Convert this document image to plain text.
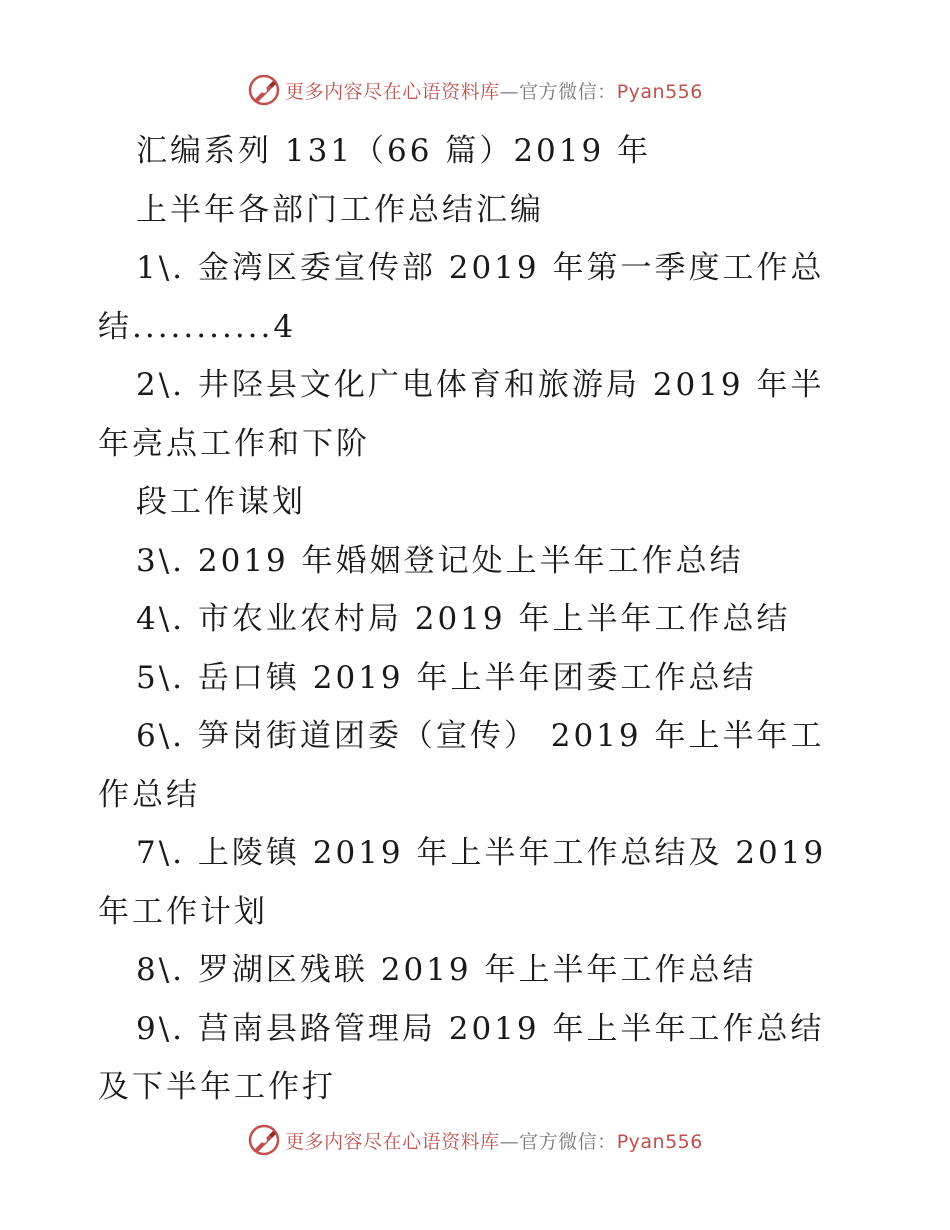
更多内容尽在心语资料库—官方微信：Pyan556
汇编系列 131（66 篇）2019 年
上半年各部门工作总结汇编
1\. 金湾区委宣传部 2019 年第一季度工作总
结...........4
2\. 井陉县文化广电体育和旅游局 2019 年半
年亮点工作和下阶
段工作谋划
3\. 2019 年婚姻登记处上半年工作总结
4\. 市农业农村局 2019 年上半年工作总结
5\. 岳口镇 2019 年上半年团委工作总结
6\. 笋岗街道团委（宣传） 2019 年上半年工
作总结
7\. 上陵镇 2019 年上半年工作总结及 2019
年工作计划
8\. 罗湖区残联 2019 年上半年工作总结
9\. 莒南县路管理局 2019 年上半年工作总结
及下半年工作打
更多内容尽在心语资料库—官方微信：Pyan556
